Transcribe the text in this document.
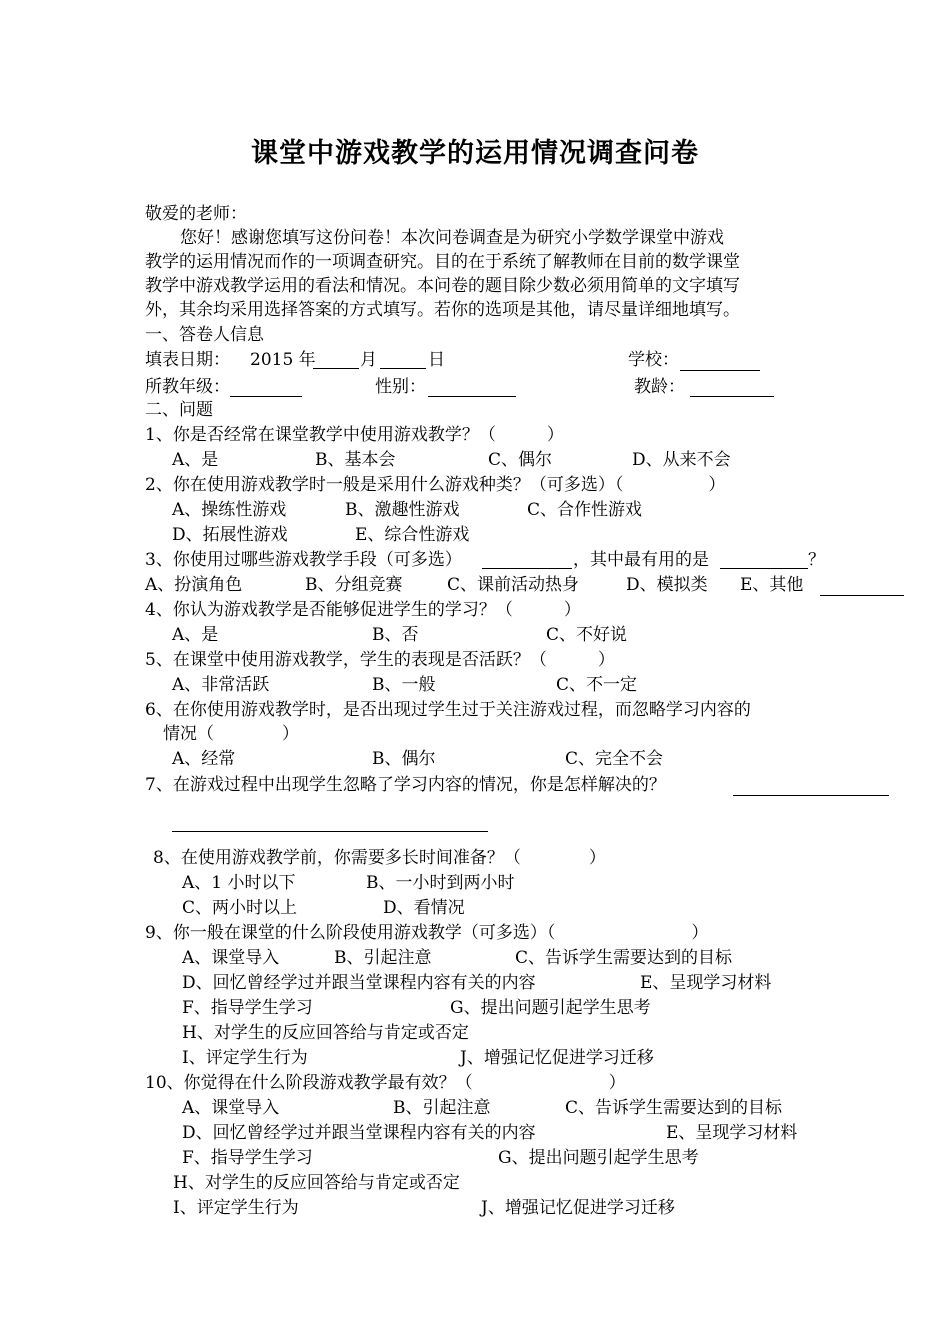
课堂中游戏教学的运用情况调查问卷
敬爱的老师：
您好！感谢您填写这份问卷！本次问卷调查是为研究小学数学课堂中游戏
教学的运用情况而作的一项调查研究。目的在于系统了解教师在目前的数学课堂
教学中游戏教学运用的看法和情况。本问卷的题目除少数必须用简单的文字填写
外，其余均采用选择答案的方式填写。若你的选项是其他，请尽量详细地填写。
一、答卷人信息
填表日期： 2015 年	月	日	学校：
所教年级：	性别：	教龄：
二、问题
1、你是否经常在课堂教学中使用游戏教学？（　　　）
A、是	B、基本会	C、偶尔	D、从来不会
2、你在使用游戏教学时一般是采用什么游戏种类？（可多选）（　　　　　）
A、操练性游戏	B、激趣性游戏	C、合作性游戏
D、拓展性游戏	E、综合性游戏
3、你使用过哪些游戏教学手段（可多选）	，其中最有用的是	？
A、扮演角色	B、分组竞赛	C、课前活动热身	D、模拟类 E、其他
4、你认为游戏教学是否能够促进学生的学习？（　　　）
A、是	B、否	C、不好说
5、在课堂中使用游戏教学，学生的表现是否活跃？（　　　）
A、非常活跃	B、一般	C、不一定
6、在你使用游戏教学时，是否出现过学生过于关注游戏过程，而忽略学习内容的
情况（　　　　）
A、经常	B、偶尔	C、完全不会
7、在游戏过程中出现学生忽略了学习内容的情况，你是怎样解决的？
8、在使用游戏教学前，你需要多长时间准备？（　　　　）
A、1 小时以下	B、一小时到两小时
C、两小时以上	D、看情况
9、你一般在课堂的什么阶段使用游戏教学（可多选）（　　　　　　　　）
A、课堂导入	B、引起注意	C、告诉学生需要达到的目标
D、回忆曾经学过并跟当堂课程内容有关的内容	E、呈现学习材料
F、指导学生学习	G、提出问题引起学生思考
H、对学生的反应回答给与肯定或否定
I、评定学生行为	J、增强记忆促进学习迁移
10、你觉得在什么阶段游戏教学最有效？（　　　　　　　　）
A、课堂导入	B、引起注意	C、告诉学生需要达到的目标
D、回忆曾经学过并跟当堂课程内容有关的内容	E、呈现学习材料
F、指导学生学习	G、提出问题引起学生思考
H、对学生的反应回答给与肯定或否定
I、评定学生行为	J、增强记忆促进学习迁移
